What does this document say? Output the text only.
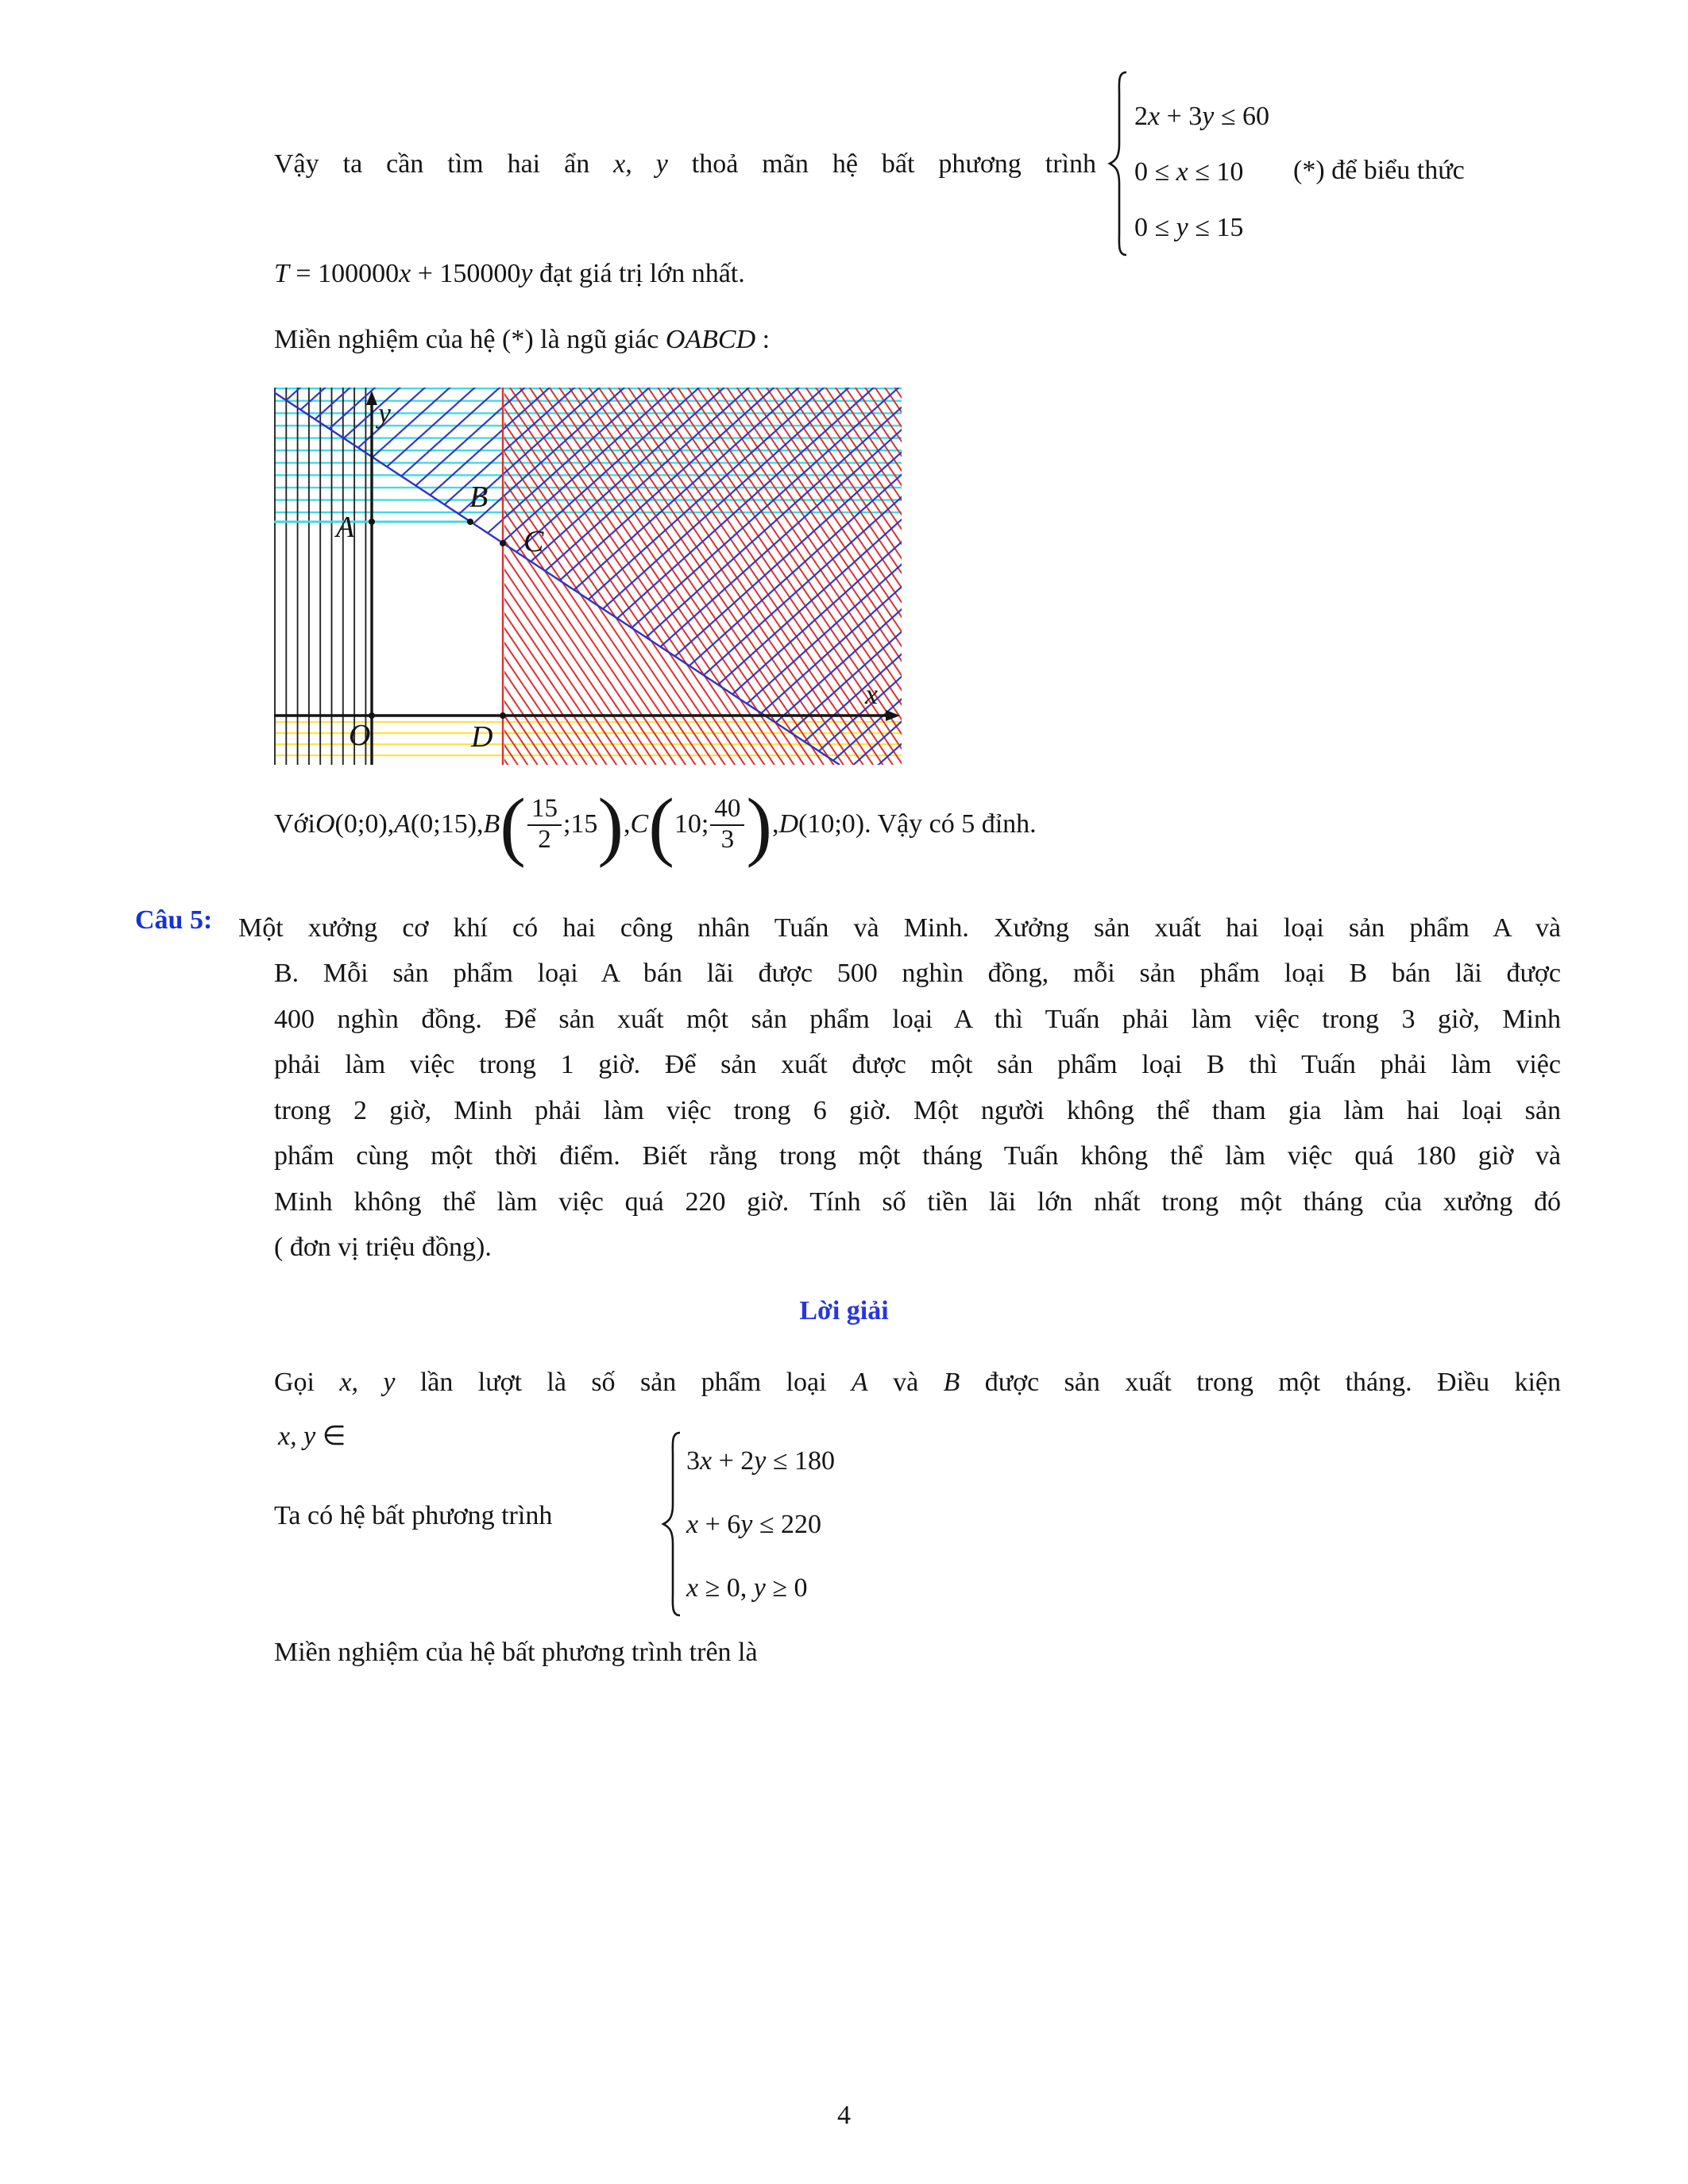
Vậy ta cần tìm hai ẩn x, y thoả mãn hệ bất phương trình
2x + 3y ≤ 60
0 ≤ x ≤ 10
0 ≤ y ≤ 15
(*) để biểu thức
T = 100000x + 150000y đạt giá trị lớn nhất.
Miền nghiệm của hệ (*) là ngũ giác OABCD :
y
x
A
B
C
O	D
Với O (0;0) , A (0;15) , B ( $\frac{15}{2}$ ;15 ) , C ( 10; $\frac{40}{3}$ ) , D (10;0) . Vậy có 5 đỉnh.
Câu 5: Một xưởng cơ khí có hai công nhân Tuấn và Minh. Xưởng sản xuất hai loại sản phẩm A và
B. Mỗi sản phẩm loại A bán lãi được 500 nghìn đồng, mỗi sản phẩm loại B bán lãi được
400 nghìn đồng. Để sản xuất một sản phẩm loại A thì Tuấn phải làm việc trong 3 giờ, Minh
phải làm việc trong 1 giờ. Để sản xuất được một sản phẩm loại B thì Tuấn phải làm việc
trong 2 giờ, Minh phải làm việc trong 6 giờ. Một người không thể tham gia làm hai loại sản
phẩm cùng một thời điểm. Biết rằng trong một tháng Tuấn không thể làm việc quá 180 giờ và
Minh không thể làm việc quá 220 giờ. Tính số tiền lãi lớn nhất trong một tháng của xưởng đó
( đơn vị triệu đồng).
Lời giải
Gọi x, y lần lượt là số sản phẩm loại A và B được sản xuất trong một tháng. Điều kiện
x, y ∈
Ta có hệ bất phương trình
3x + 2y ≤ 180
x + 6y ≤ 220
x ≥ 0, y ≥ 0
Miền nghiệm của hệ bất phương trình trên là
4
